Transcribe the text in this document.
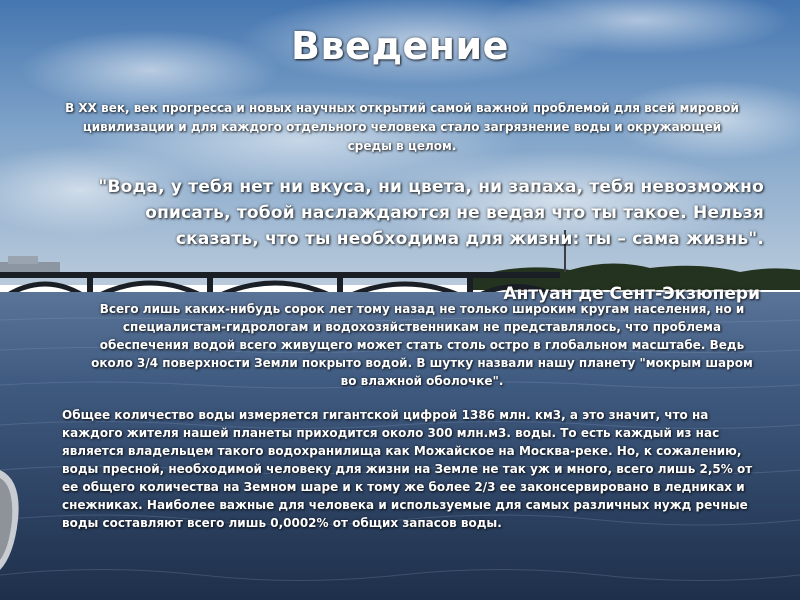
Введение

В XX век, век прогресса и новых научных открытий самой важной проблемой для всей мировой цивилизации и для каждого отдельного человека стало загрязнение воды и окружающей среды в целом.

"Вода, у тебя нет ни вкуса, ни цвета, ни запаха, тебя невозможно описать, тобой наслаждаются не ведая что ты такое. Нельзя сказать, что ты необходима для жизни: ты – сама жизнь".

Антуан де Сент-Экзюпери

Всего лишь каких-нибудь сорок лет тому назад не только широким кругам населения, но и специалистам-гидрологам и водохозяйственникам не представлялось, что проблема обеспечения водой всего живущего может стать столь остро в глобальном масштабе. Ведь около 3/4 поверхности Земли покрыто водой. В шутку назвали нашу планету "мокрым шаром во влажной оболочке".

Общее количество воды измеряется гигантской цифрой 1386 млн. км3, а это значит, что на каждого жителя нашей планеты приходится около 300 млн.м3. воды. То есть каждый из нас является владельцем такого водохранилища как Можайское на Москва-реке. Но, к сожалению, воды пресной, необходимой человеку для жизни на Земле не так уж и много, всего лишь 2,5% от ее общего количества на Земном шаре и к тому же более 2/3 ее законсервировано в ледниках и снежниках. Наиболее важные для человека и используемые для самых различных нужд речные воды составляют всего лишь 0,0002% от общих запасов воды.
